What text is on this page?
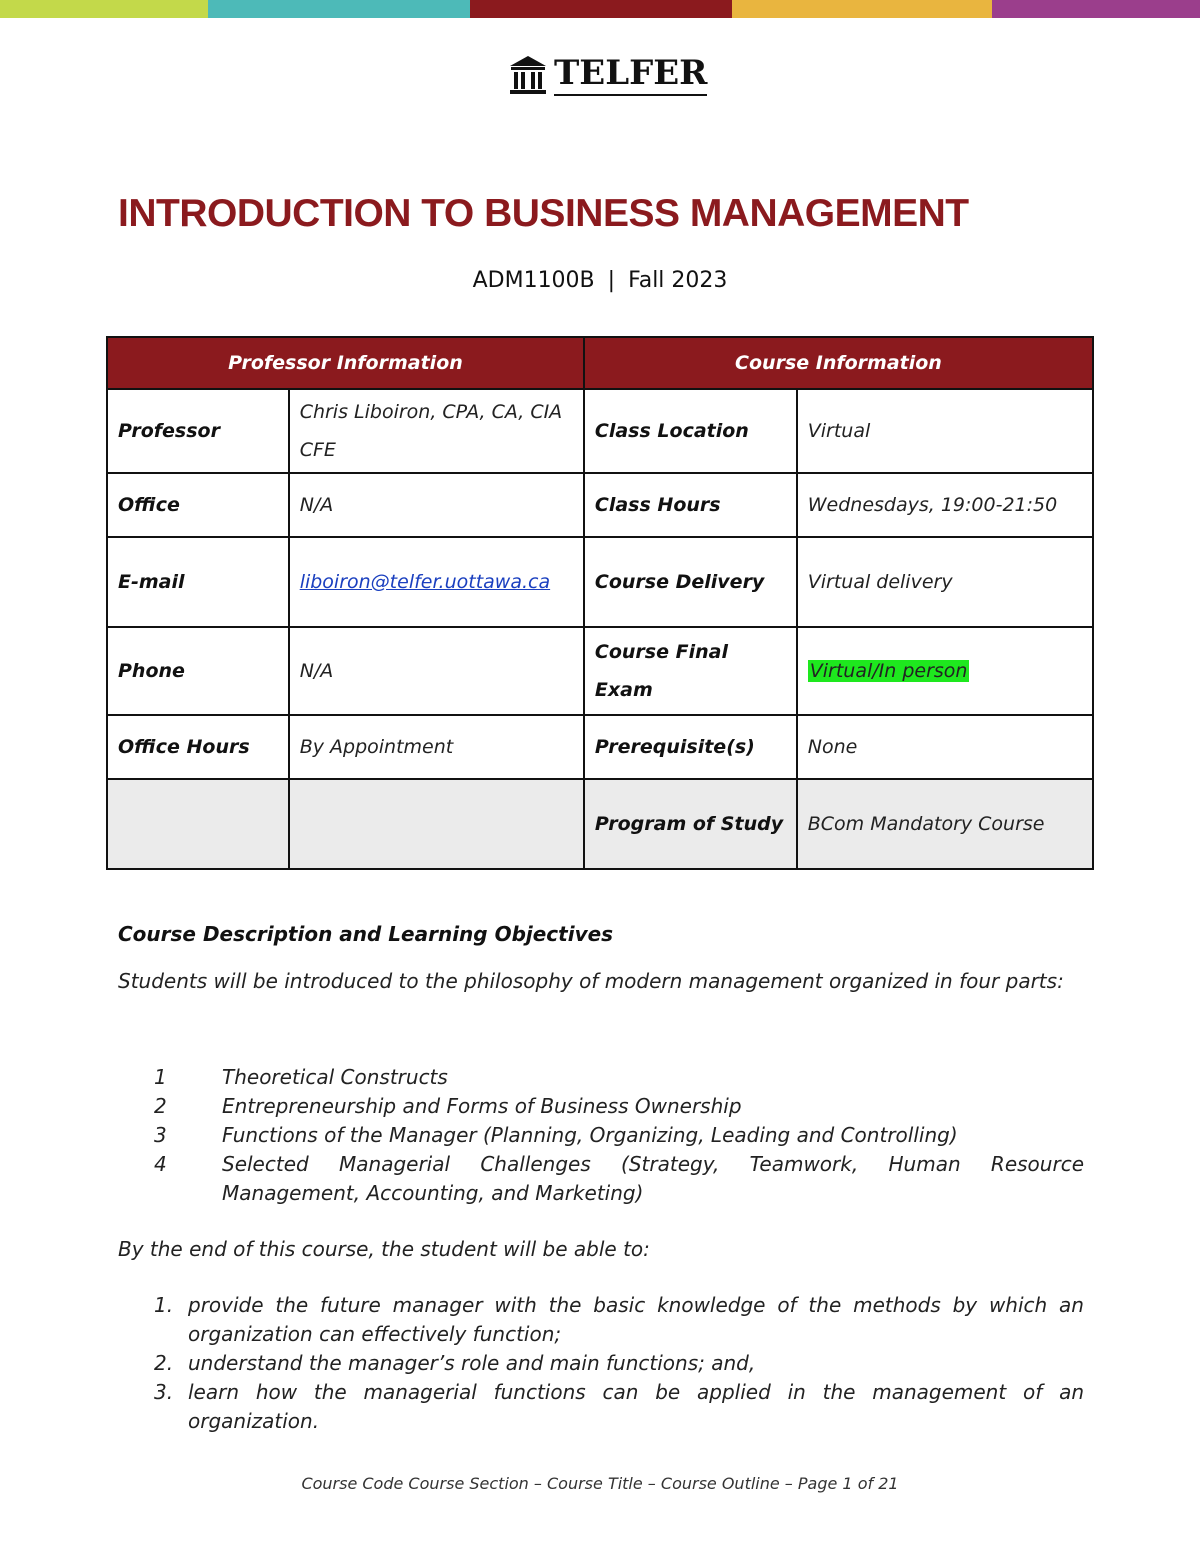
TELFER
INTRODUCTION TO BUSINESS MANAGEMENT
ADM1100B | Fall 2023
Professor Information		Course Information	
Professor	Chris Liboiron, CPA, CA, CIA CFE	Class Location	Virtual
Office	N/A	Class Hours	Wednesdays, 19:00-21:50
E-mail	liboiron@telfer.uottawa.ca	Course Delivery	Virtual delivery
Phone	N/A	Course Final Exam	Virtual/In person
Office Hours	By Appointment	Prerequisite(s)	None
		Program of Study	BCom Mandatory Course
Course Description and Learning Objectives
Students will be introduced to the philosophy of modern management organized in four parts:
1	Theoretical Constructs
2	Entrepreneurship and Forms of Business Ownership
3	Functions of the Manager (Planning, Organizing, Leading and Controlling)
4	Selected Managerial Challenges (Strategy, Teamwork, Human Resource Management, Accounting, and Marketing)
By the end of this course, the student will be able to:
1. provide the future manager with the basic knowledge of the methods by which an organization can effectively function;
2. understand the manager’s role and main functions; and,
3. learn how the managerial functions can be applied in the management of an organization.
Course Code Course Section – Course Title – Course Outline – Page 1 of 21
